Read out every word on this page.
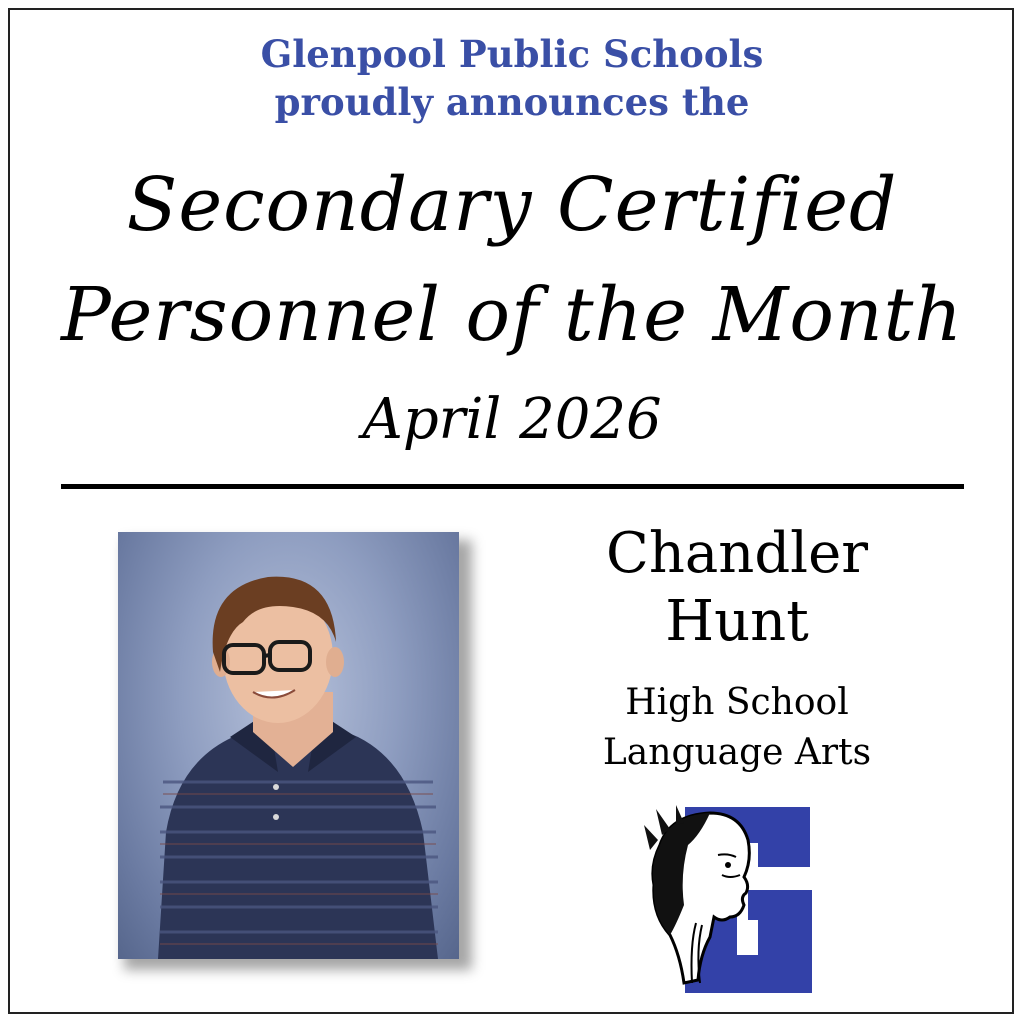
Glenpool Public Schools
proudly announces the
Secondary Certified
Personnel of the Month
April 2026
Chandler
Hunt
High School
Language Arts
